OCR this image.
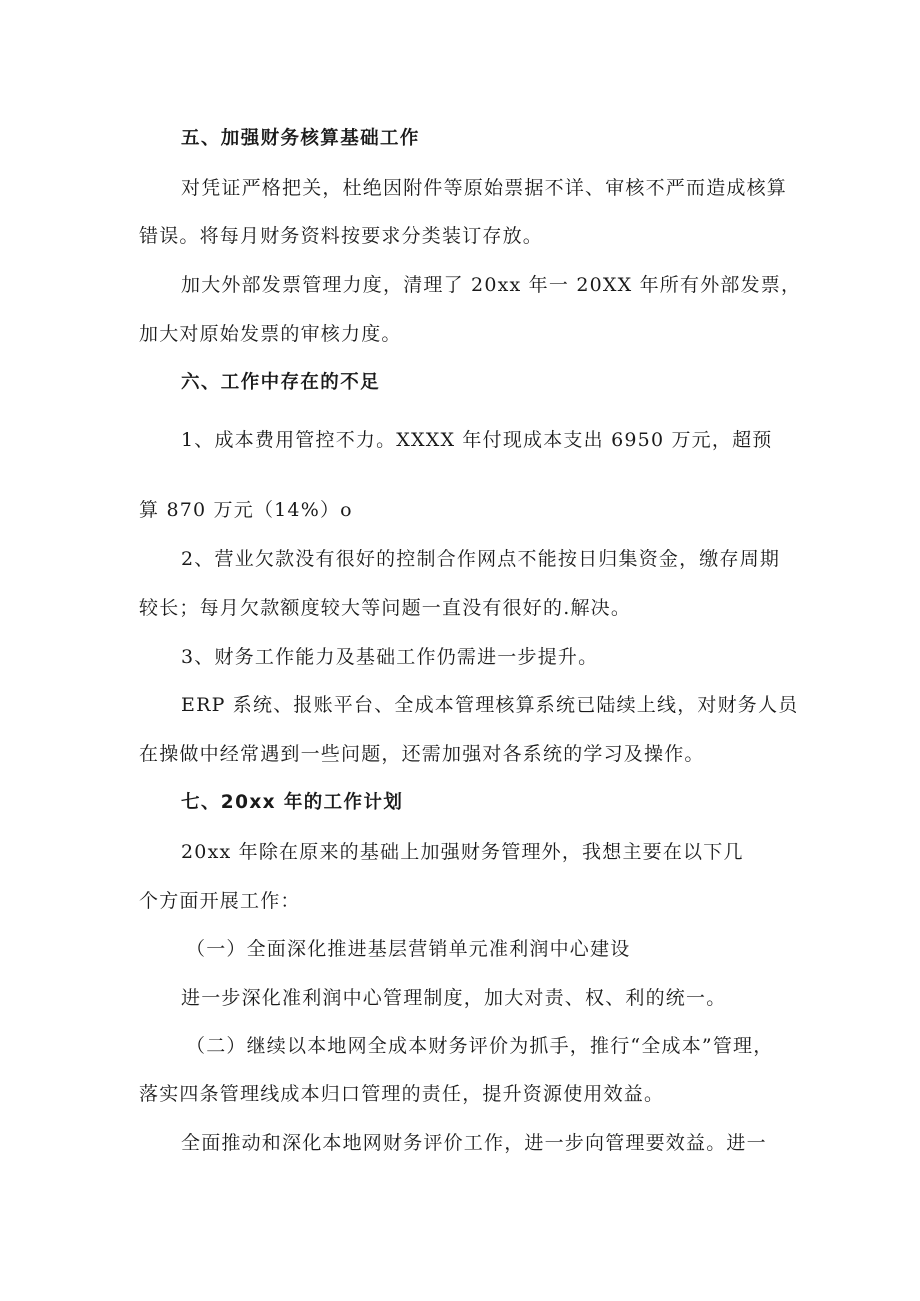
五、加强财务核算基础工作
对凭证严格把关，杜绝因附件等原始票据不详、审核不严而造成核算
错误。将每月财务资料按要求分类装订存放。
加大外部发票管理力度，清理了 20xx 年一 20XX 年所有外部发票，
加大对原始发票的审核力度。
六、工作中存在的不足
1、成本费用管控不力。XXXX 年付现成本支出 6950 万元，超预
算 870 万元（14%）o
2、营业欠款没有很好的控制合作网点不能按日归集资金，缴存周期
较长；每月欠款额度较大等问题一直没有很好的.解决。
3、财务工作能力及基础工作仍需进一步提升。
ERP 系统、报账平台、全成本管理核算系统已陆续上线，对财务人员
在操做中经常遇到一些问题，还需加强对各系统的学习及操作。
七、20xx 年的工作计划
20xx 年除在原来的基础上加强财务管理外，我想主要在以下几
个方面开展工作：
（一）全面深化推进基层营销单元准利润中心建设
进一步深化准利润中心管理制度，加大对责、权、利的统一。
（二）继续以本地网全成本财务评价为抓手，推行“全成本”管理，
落实四条管理线成本归口管理的责任，提升资源使用效益。
全面推动和深化本地网财务评价工作，进一步向管理要效益。进一
